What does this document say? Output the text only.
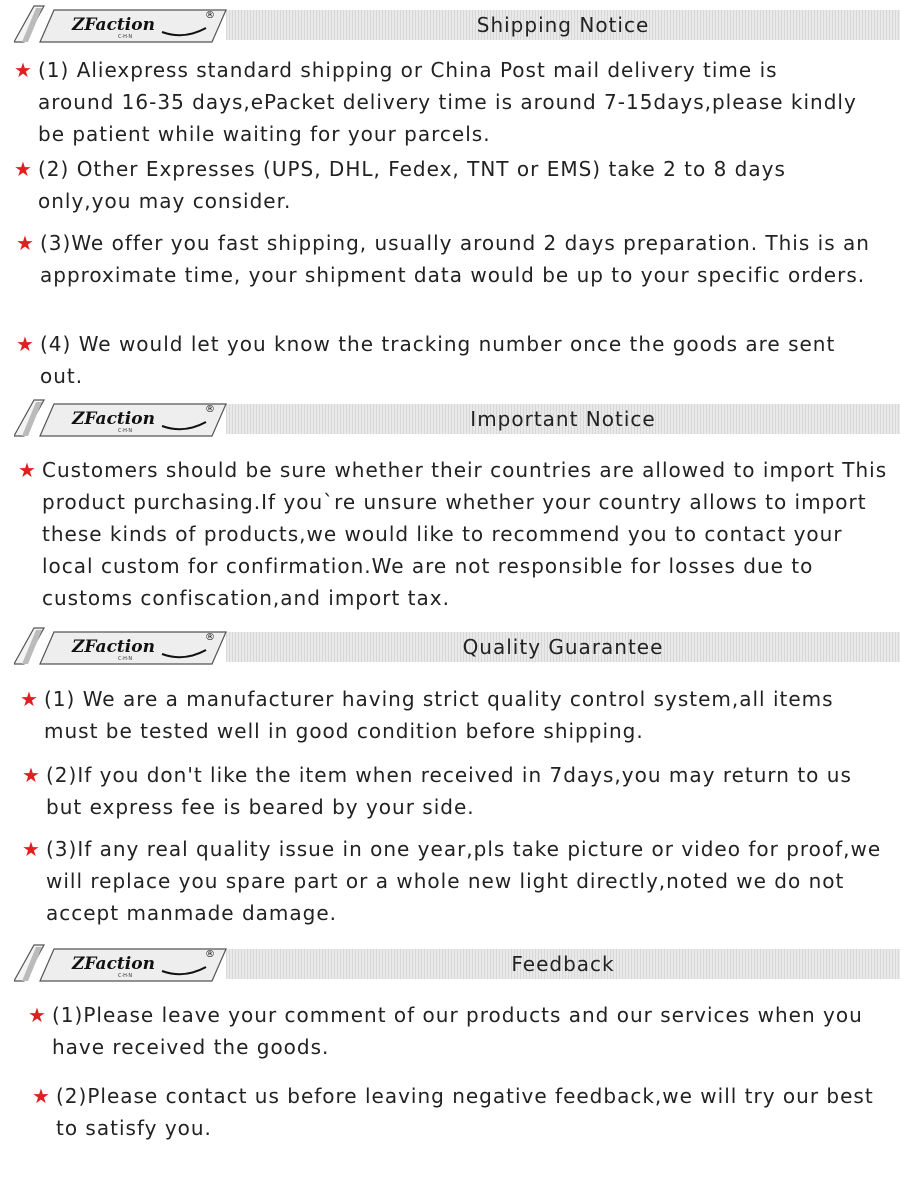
ZFaction
C·H·N
®	Shipping Notice
★ (1) Aliexpress standard shipping or China Post mail delivery time is around 16-35 days,ePacket delivery time is around 7-15days,please kindly be patient while waiting for your parcels.
★ (2) Other Expresses (UPS, DHL, Fedex, TNT or EMS) take 2 to 8 days only,you may consider.
★ (3)We offer you fast shipping, usually around 2 days preparation. This is an approximate time, your shipment data would be up to your specific orders.
★ (4) We would let you know the tracking number once the goods are sent out.
ZFaction
C·H·N
®	Important Notice
★ Customers should be sure whether their countries are allowed to import This product purchasing.If you`re unsure whether your country allows to import these kinds of products,we would like to recommend you to contact your local custom for confirmation.We are not responsible for losses due to customs confiscation,and import tax.
ZFaction
C·H·N
®	Quality Guarantee
★ (1) We are a manufacturer having strict quality control system,all items must be tested well in good condition before shipping.
★ (2)If you don't like the item when received in 7days,you may return to us but express fee is beared by your side.
★ (3)If any real quality issue in one year,pls take picture or video for proof,we will replace you spare part or a whole new light directly,noted we do not accept manmade damage.
ZFaction
C·H·N
®	Feedback
★ (1)Please leave your comment of our products and our services when you have received the goods.
★ (2)Please contact us before leaving negative feedback,we will try our best to satisfy you.
